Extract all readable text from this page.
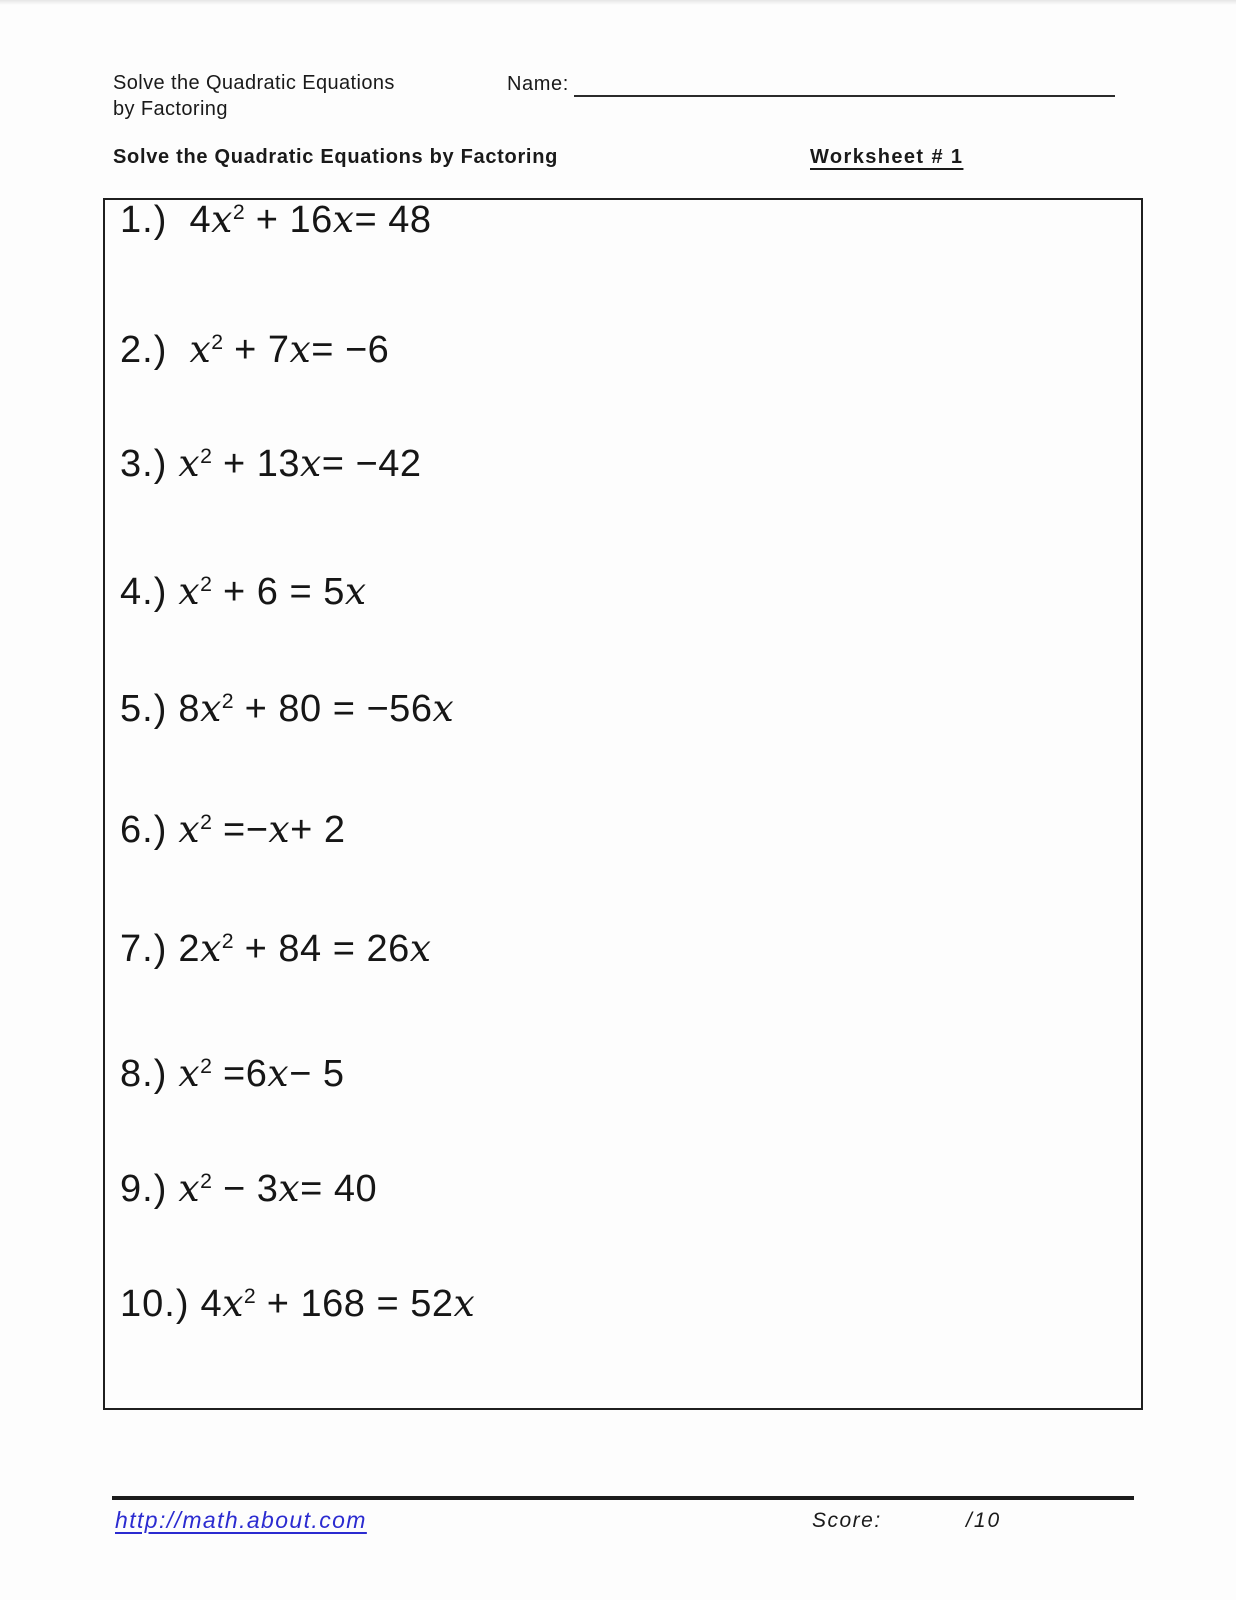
Solve the Quadratic Equations
by Factoring
Name:
Solve the Quadratic Equations by Factoring	Worksheet # 1
1.)  $4x^2 + 16x= 48$
2.) $x^2 + 7x= -6$
3.) $x^2 + 13x= -42$
4.) $x^2 + 6 = 5x$
5.) $8x^2 + 80 = -56x$
6.) $x^2 =-x+ 2$
7.) $2x^2 + 84 = 26x$
8.) $x^2 =6x- 5$
9.) $x^2 - 3x= 40$
10.) $4x^2 + 168 = 52x$
http://math.about.com	Score:	/10
